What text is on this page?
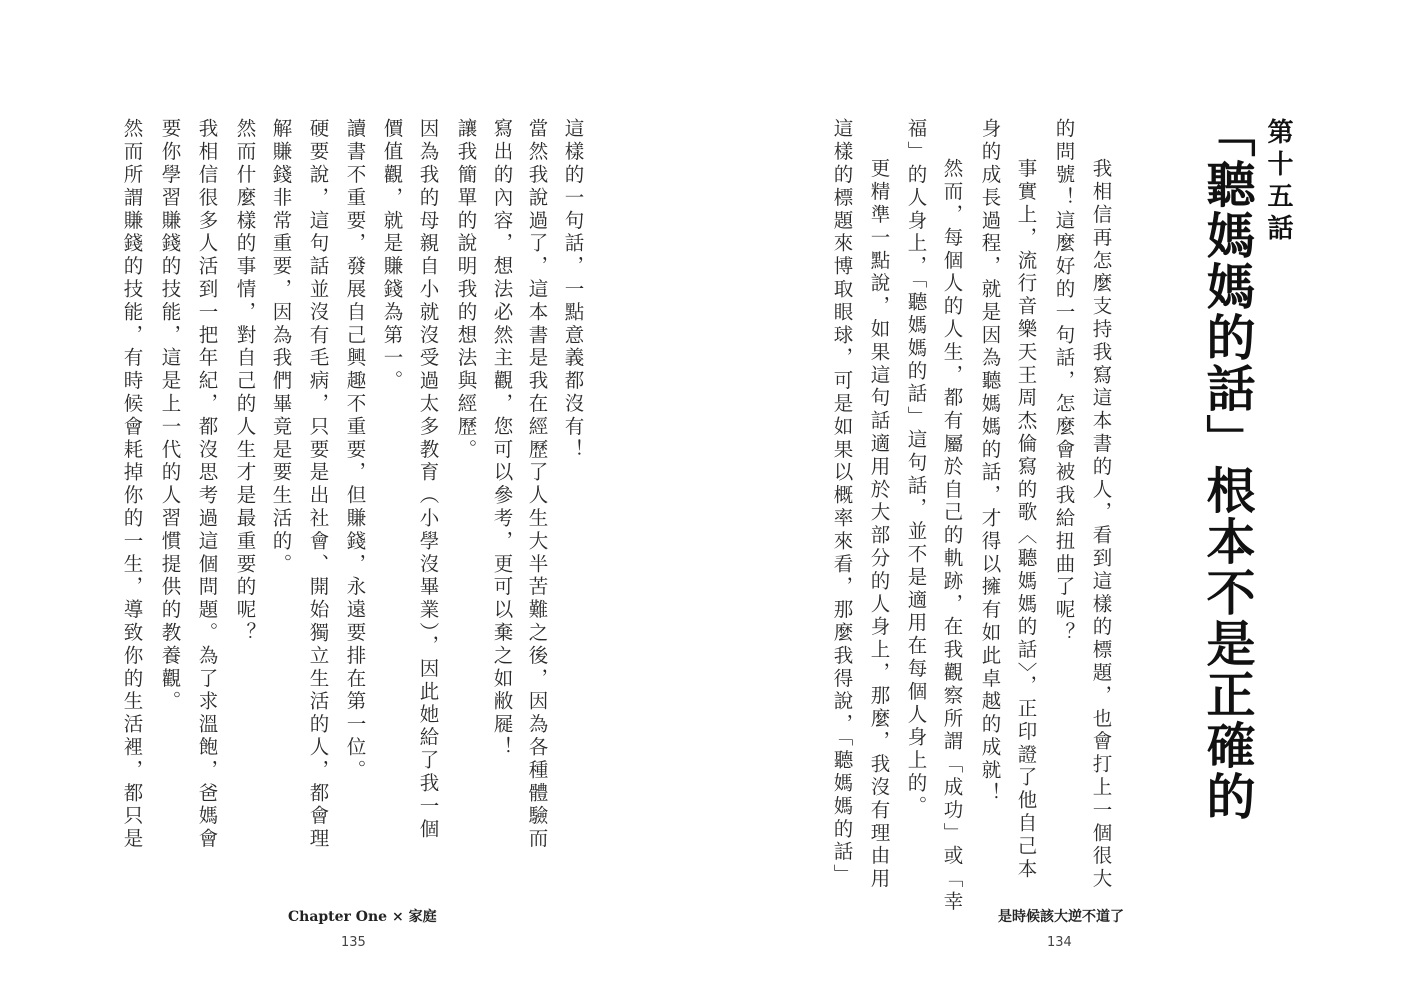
這樣的一句話，一點意義都沒有！
當然我說過了，這本書是我在經歷了人生大半苦難之後，因為各種體驗而
寫出的內容，想法必然主觀，您可以參考，更可以棄之如敝屣！
讓我簡單的說明我的想法與經歷。
因為我的母親自小就沒受過太多教育（小學沒畢業），因此她給了我一個
價值觀，就是賺錢為第一。
讀書不重要，發展自己興趣不重要，但賺錢，永遠要排在第一位。
硬要說，這句話並沒有毛病，只要是出社會、開始獨立生活的人，都會理
解賺錢非常重要，因為我們畢竟是要生活的。
然而什麼樣的事情，對自己的人生才是最重要的呢？
我相信很多人活到一把年紀，都沒思考過這個問題。為了求溫飽，爸媽會
要你學習賺錢的技能，這是上一代的人習慣提供的教養觀。
然而所謂賺錢的技能，有時候會耗掉你的一生，導致你的生活裡，都只是
Chapter One × 家庭
135
第十五話
「聽媽媽的話」根本不是正確的
我相信再怎麼支持我寫這本書的人，看到這樣的標題，也會打上一個很大
的問號！這麼好的一句話，怎麼會被我給扭曲了呢？
事實上，流行音樂天王周杰倫寫的歌〈聽媽媽的話〉，正印證了他自己本
身的成長過程，就是因為聽媽媽的話，才得以擁有如此卓越的成就！
然而，每個人的人生，都有屬於自己的軌跡，在我觀察所謂「成功」或「幸
福」的人身上，「聽媽媽的話」這句話，並不是適用在每個人身上的。
更精準一點說，如果這句話適用於大部分的人身上，那麼，我沒有理由用
這樣的標題來博取眼球，可是如果以概率來看，那麼我得說，「聽媽媽的話」
是時候該大逆不道了
134
